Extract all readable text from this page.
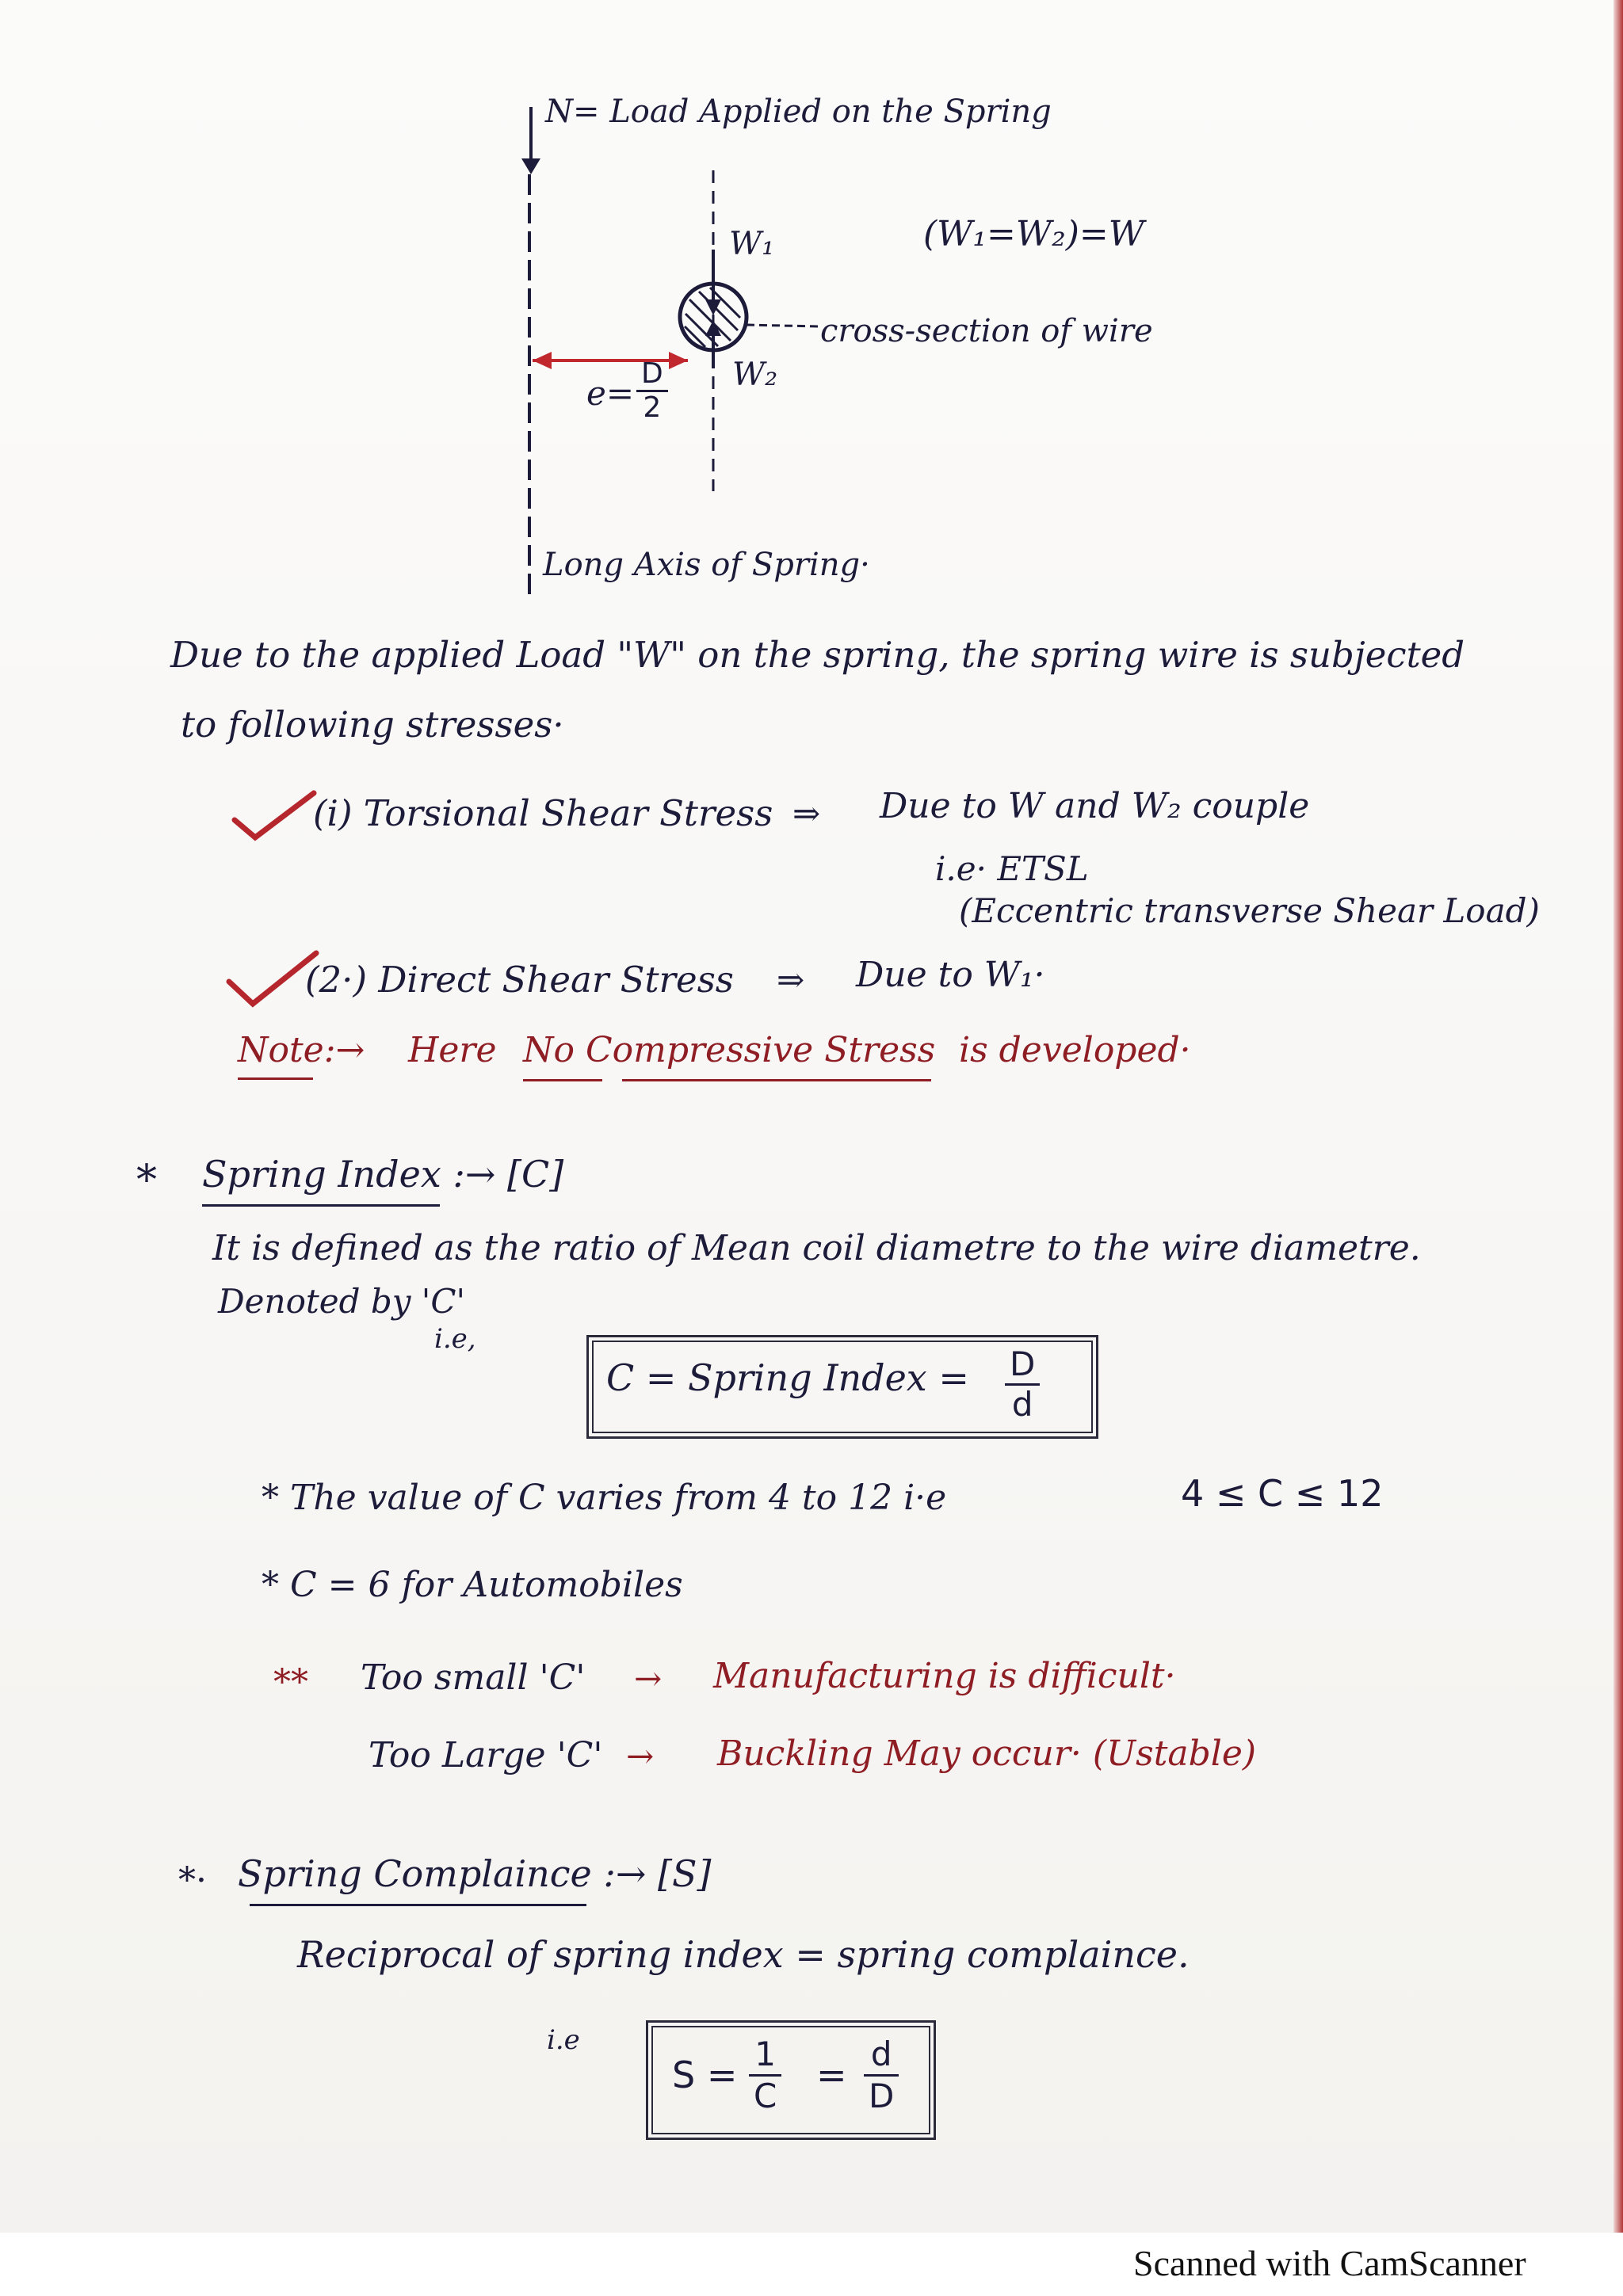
N= Load Applied on the Spring
(W₁=W₂)=W
W₁
W₂
cross-section of wire
$e= \frac{D}{2}$
Long Axis of Spring·
Due to the applied Load "W" on the spring, the spring wire is subjected
to following stresses·
(i) Torsional Shear Stress ⇒ Due to W and W₂ couple
i.e· ETSL
(Eccentric transverse Shear Load)
(2·) Direct Shear Stress ⇒ Due to W₁·
Note:→ Here No Compressive Stress is developed·
* Spring Index :→ [C]
It is defined as the ratio of Mean coil diametre to the wire diametre.
Denoted by 'C'
i.e,
C = Spring Index = $\frac{D}{d}$
* The value of C varies from 4 to 12 i·e	4 ≤ C ≤ 12
* C = 6 for Automobiles
** Too small 'C' → Manufacturing is difficult·
Too Large 'C' → Buckling May occur· (Ustable)
*· Spring Complaince :→ [S]
Reciprocal of spring index = spring complaince.
i.e
$S = \frac{1}{C} = \frac{d}{D}$
Scanned with CamScanner
